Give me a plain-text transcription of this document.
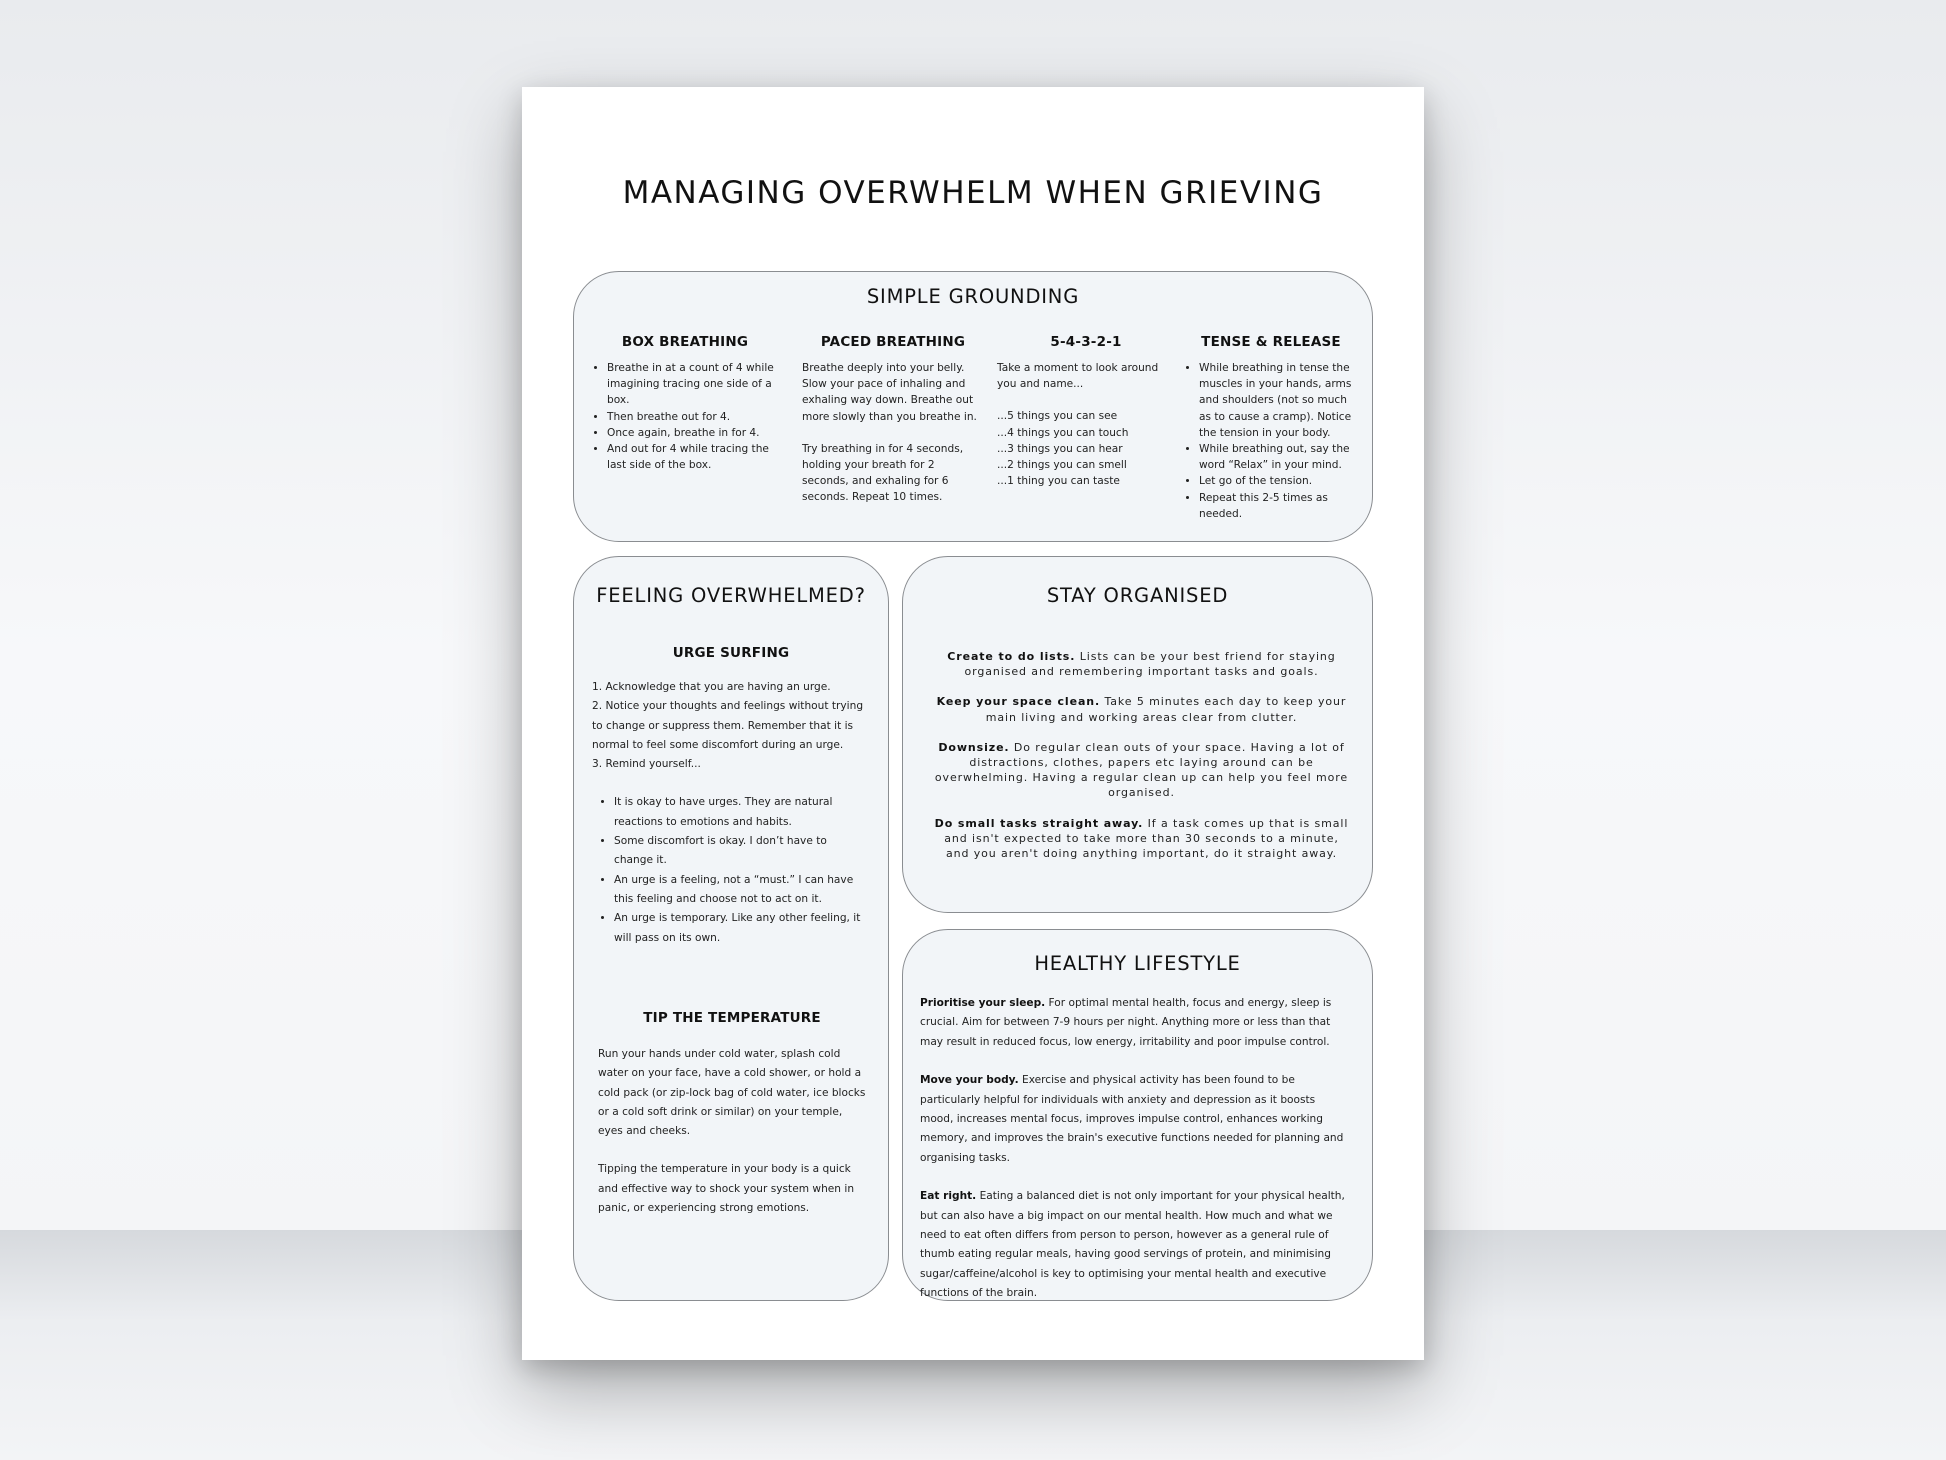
MANAGING OVERWHELM WHEN GRIEVING
SIMPLE GROUNDING
BOX BREATHING
• Breathe in at a count of 4 while imagining tracing one side of a box.
• Then breathe out for 4.
• Once again, breathe in for 4.
• And out for 4 while tracing the last side of the box.
PACED BREATHING

Breathe deeply into your belly. Slow your pace of inhaling and exhaling way down. Breathe out more slowly than you breathe in.

Try breathing in for 4 seconds, holding your breath for 2 seconds, and exhaling for 6 seconds. Repeat 10 times.

5-4-3-2-1

Take a moment to look around you and name...

...5 things you can see

...4 things you can touch

...3 things you can hear

...2 things you can smell

...1 thing you can taste

TENSE & RELEASE
• While breathing in tense the muscles in your hands, arms and shoulders (not so much as to cause a cramp). Notice the tension in your body.
• While breathing out, say the word “Relax” in your mind.
• Let go of the tension.
• Repeat this 2-5 times as needed.
FEELING OVERWHELMED?
URGE SURFING

1. Acknowledge that you are having an urge.

2. Notice your thoughts and feelings without trying to change or suppress them. Remember that it is normal to feel some discomfort during an urge.

3. Remind yourself...

• It is okay to have urges. They are natural reactions to emotions and habits.
• Some discomfort is okay. I don’t have to change it.
• An urge is a feeling, not a “must.” I can have this feeling and choose not to act on it.
• An urge is temporary. Like any other feeling, it will pass on its own.
TIP THE TEMPERATURE

Run your hands under cold water, splash cold water on your face, have a cold shower, or hold a cold pack (or zip-lock bag of cold water, ice blocks or a cold soft drink or similar) on your temple, eyes and cheeks.

Tipping the temperature in your body is a quick and effective way to shock your system when in panic, or experiencing strong emotions.

STAY ORGANISED

Create to do lists. Lists can be your best friend for staying organised and remembering important tasks and goals.

Keep your space clean. Take 5 minutes each day to keep your main living and working areas clear from clutter.

Downsize. Do regular clean outs of your space. Having a lot of distractions, clothes, papers etc laying around can be overwhelming. Having a regular clean up can help you feel more organised.

Do small tasks straight away. If a task comes up that is small and isn't expected to take more than 30 seconds to a minute, and you aren't doing anything important, do it straight away.

HEALTHY LIFESTYLE

Prioritise your sleep. For optimal mental health, focus and energy, sleep is crucial. Aim for between 7-9 hours per night. Anything more or less than that may result in reduced focus, low energy, irritability and poor impulse control.

Move your body. Exercise and physical activity has been found to be particularly helpful for individuals with anxiety and depression as it boosts mood, increases mental focus, improves impulse control, enhances working memory, and improves the brain's executive functions needed for planning and organising tasks.

Eat right. Eating a balanced diet is not only important for your physical health, but can also have a big impact on our mental health. How much and what we need to eat often differs from person to person, however as a general rule of thumb eating regular meals, having good servings of protein, and minimising sugar/caffeine/alcohol is key to optimising your mental health and executive functions of the brain.
